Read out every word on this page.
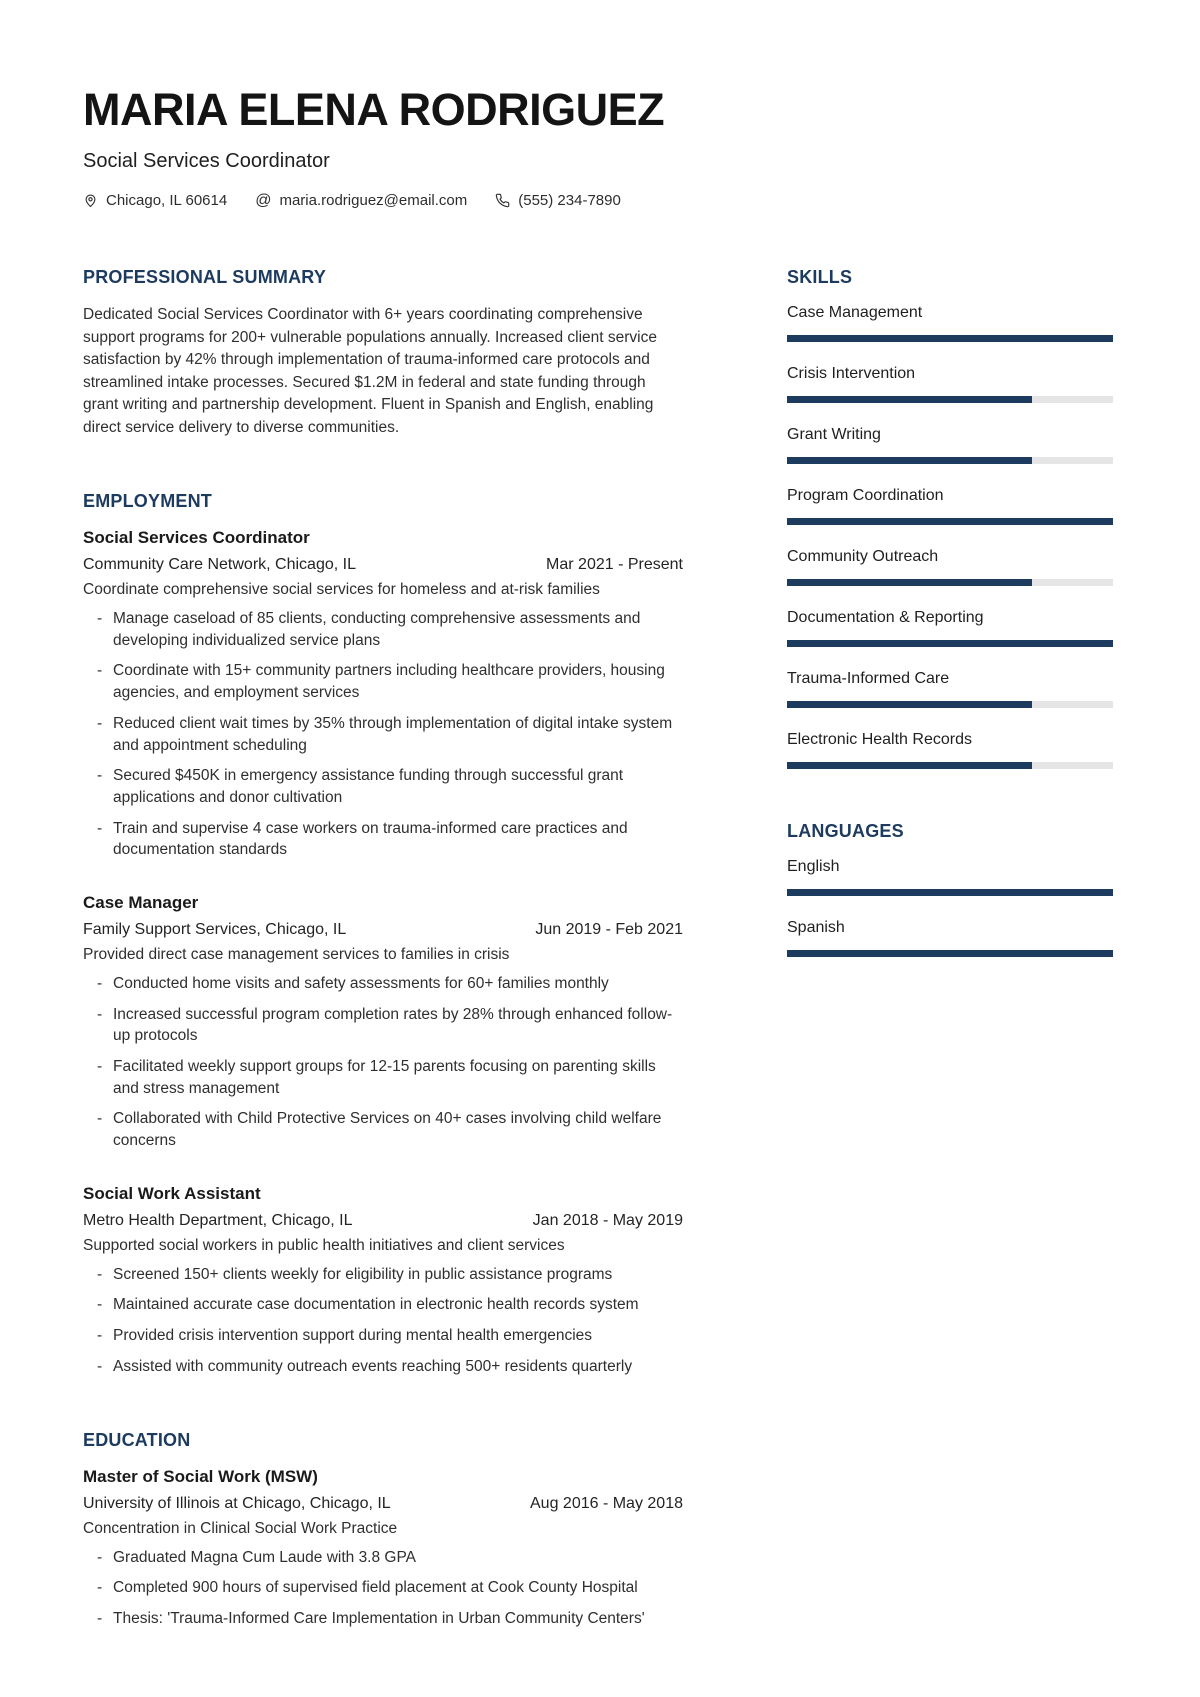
MARIA ELENA RODRIGUEZ
Social Services Coordinator
Chicago, IL 60614 @ maria.rodriguez@email.com	(555) 234-7890
PROFESSIONAL SUMMARY

Dedicated Social Services Coordinator with 6+ years coordinating comprehensive support programs for 200+ vulnerable populations annually. Increased client service satisfaction by 42% through implementation of trauma-informed care protocols and streamlined intake processes. Secured $1.2M in federal and state funding through grant writing and partnership development. Fluent in Spanish and English, enabling direct service delivery to diverse communities.

EMPLOYMENT
Social Services Coordinator
Community Care Network, Chicago, IL	Mar 2021 - Present
Coordinate comprehensive social services for homeless and at-risk families
- Manage caseload of 85 clients, conducting comprehensive assessments and developing individualized service plans
- Coordinate with 15+ community partners including healthcare providers, housing agencies, and employment services
- Reduced client wait times by 35% through implementation of digital intake system and appointment scheduling
- Secured $450K in emergency assistance funding through successful grant applications and donor cultivation
- Train and supervise 4 case workers on trauma-informed care practices and documentation standards
Case Manager
Family Support Services, Chicago, IL	Jun 2019 - Feb 2021
Provided direct case management services to families in crisis
- Conducted home visits and safety assessments for 60+ families monthly
- Increased successful program completion rates by 28% through enhanced follow-up protocols
- Facilitated weekly support groups for 12-15 parents focusing on parenting skills and stress management
- Collaborated with Child Protective Services on 40+ cases involving child welfare concerns
Social Work Assistant
Metro Health Department, Chicago, IL	Jan 2018 - May 2019
Supported social workers in public health initiatives and client services
- Screened 150+ clients weekly for eligibility in public assistance programs
- Maintained accurate case documentation in electronic health records system
- Provided crisis intervention support during mental health emergencies
- Assisted with community outreach events reaching 500+ residents quarterly
EDUCATION
Master of Social Work (MSW)
University of Illinois at Chicago, Chicago, IL	Aug 2016 - May 2018
Concentration in Clinical Social Work Practice
- Graduated Magna Cum Laude with 3.8 GPA
- Completed 900 hours of supervised field placement at Cook County Hospital
- Thesis: 'Trauma-Informed Care Implementation in Urban Community Centers'
SKILLS
Case Management
Crisis Intervention
Grant Writing
Program Coordination
Community Outreach
Documentation & Reporting
Trauma-Informed Care
Electronic Health Records
LANGUAGES
English
Spanish
